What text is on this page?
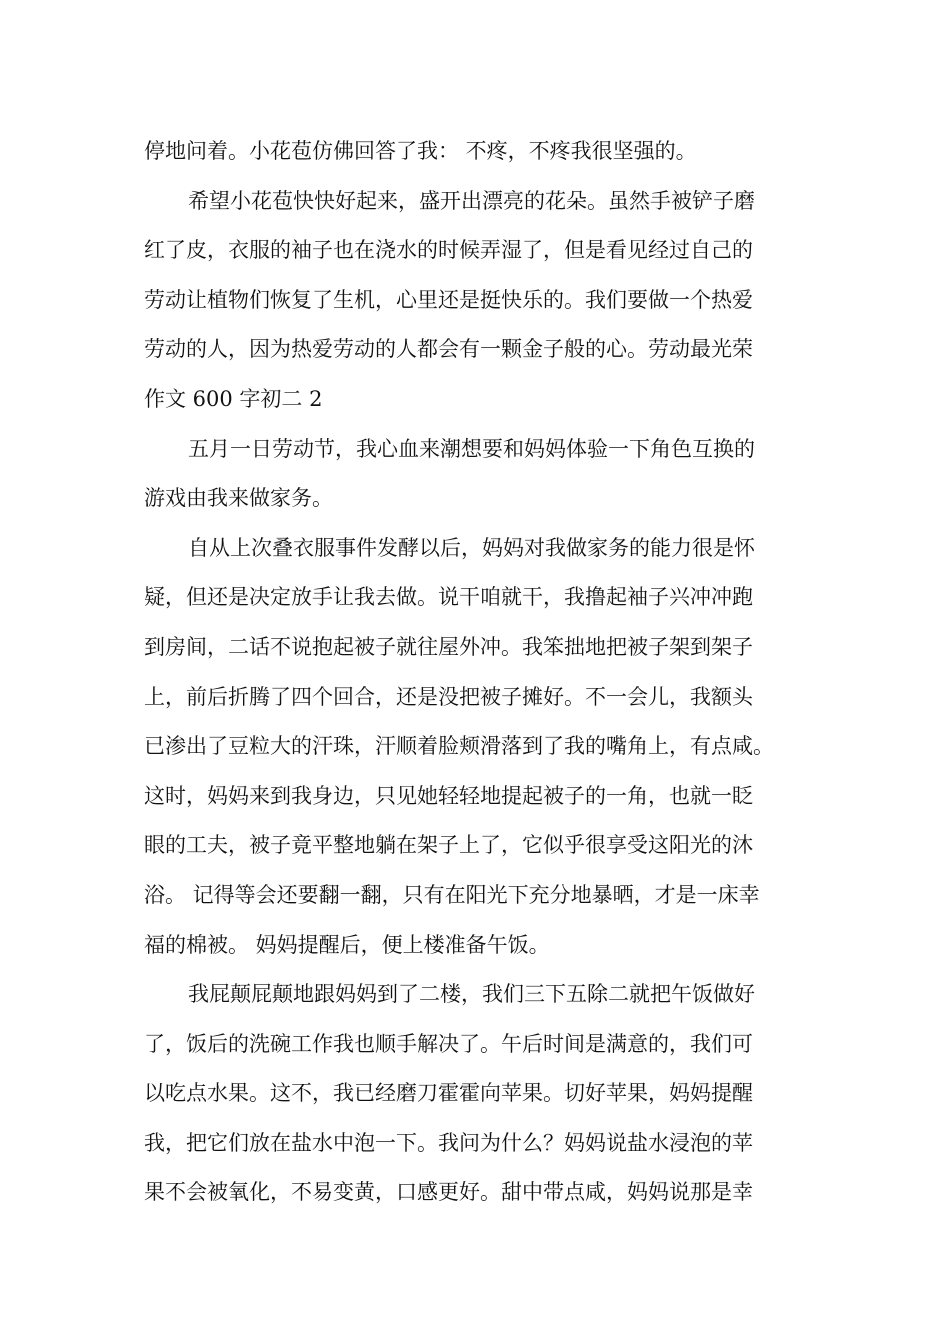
停地问着。小花苞仿佛回答了我： 不疼，不疼我很坚强的。
希望小花苞快快好起来，盛开出漂亮的花朵。虽然手被铲子磨
红了皮，衣服的袖子也在浇水的时候弄湿了，但是看见经过自己的
劳动让植物们恢复了生机，心里还是挺快乐的。我们要做一个热爱
劳动的人，因为热爱劳动的人都会有一颗金子般的心。劳动最光荣
作文 600 字初二 2
五月一日劳动节，我心血来潮想要和妈妈体验一下角色互换的
游戏由我来做家务。
自从上次叠衣服事件发酵以后，妈妈对我做家务的能力很是怀
疑，但还是决定放手让我去做。说干咱就干，我撸起袖子兴冲冲跑
到房间，二话不说抱起被子就往屋外冲。我笨拙地把被子架到架子
上，前后折腾了四个回合，还是没把被子摊好。不一会儿，我额头
已渗出了豆粒大的汗珠，汗顺着脸颊滑落到了我的嘴角上，有点咸。
这时，妈妈来到我身边，只见她轻轻地提起被子的一角，也就一眨
眼的工夫，被子竟平整地躺在架子上了，它似乎很享受这阳光的沐
浴。 记得等会还要翻一翻，只有在阳光下充分地暴晒，才是一床幸
福的棉被。 妈妈提醒后，便上楼准备午饭。
我屁颠屁颠地跟妈妈到了二楼，我们三下五除二就把午饭做好
了，饭后的洗碗工作我也顺手解决了。午后时间是满意的，我们可
以吃点水果。这不，我已经磨刀霍霍向苹果。切好苹果，妈妈提醒
我，把它们放在盐水中泡一下。我问为什么？妈妈说盐水浸泡的苹
果不会被氧化，不易变黄，口感更好。甜中带点咸，妈妈说那是幸
